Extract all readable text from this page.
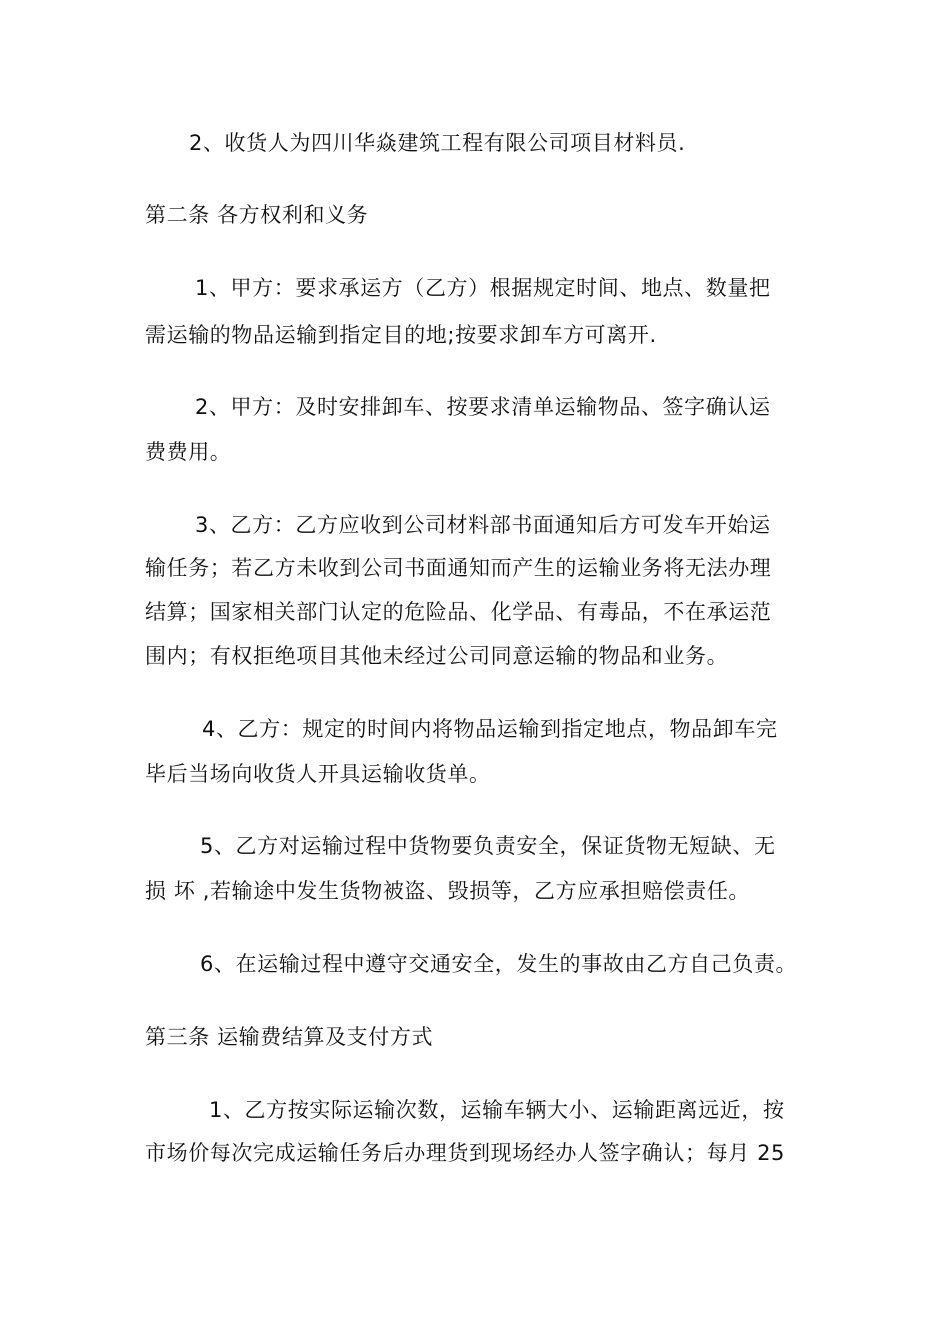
2、收货人为四川华焱建筑工程有限公司项目材料员.
第二条 各方权利和义务
1、甲方：要求承运方（乙方）根据规定时间、地点、数量把
需运输的物品运输到指定目的地;按要求卸车方可离开.
2、甲方：及时安排卸车、按要求清单运输物品、签字确认运
费费用。
3、乙方：乙方应收到公司材料部书面通知后方可发车开始运
输任务；若乙方未收到公司书面通知而产生的运输业务将无法办理
结算；国家相关部门认定的危险品、化学品、有毒品，不在承运范
围内；有权拒绝项目其他未经过公司同意运输的物品和业务。
4、乙方：规定的时间内将物品运输到指定地点，物品卸车完
毕后当场向收货人开具运输收货单。
5、乙方对运输过程中货物要负责安全，保证货物无短缺、无
损 坏 ,若输途中发生货物被盗、毁损等，乙方应承担赔偿责任。
6、在运输过程中遵守交通安全，发生的事故由乙方自己负责。
第三条 运输费结算及支付方式
1、乙方按实际运输次数，运输车辆大小、运输距离远近，按
市场价每次完成运输任务后办理货到现场经办人签字确认；每月 25
